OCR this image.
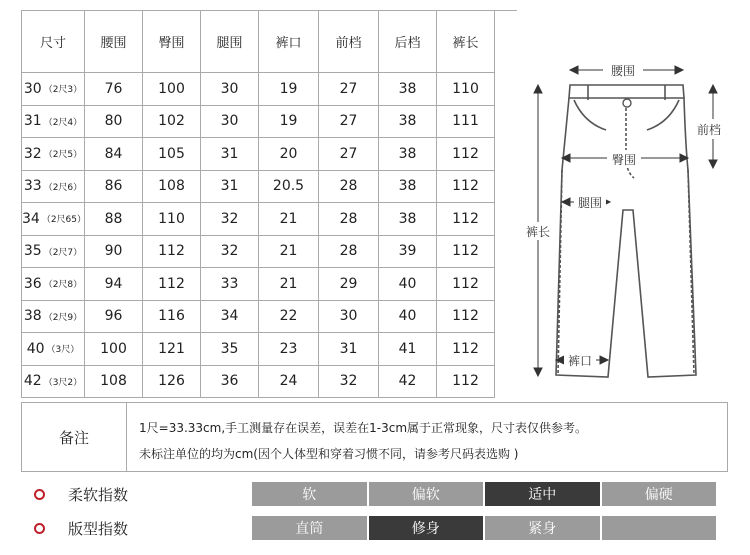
尺寸	腰围	臀围	腿围	裤口	前档	后档	裤长
30 （2尺3）	76	100	30	19	27	38	110
31 （2尺4）	80	102	30	19	27	38	111
32 （2尺5）	84	105	31	20	27	38	112
33 （2尺6）	86	108	31	20.5	28	38	112
34 （2尺65）	88	110	32	21	28	38	112
35 （2尺7）	90	112	32	21	28	39	112
36 （2尺8）	94	112	33	21	29	40	112
38 （2尺9）	96	116	34	22	30	40	112
40 （3尺）	100	121	35	23	31	41	112
42 （3尺2）	108	126	36	24	32	42	112
备注
1尺=33.33cm,手工测量存在误差，误差在1-3cm属于正常现象，尺寸表仅供参考。
未标注单位的均为cm(因个人体型和穿着习惯不同，请参考尺码表选购 )
柔软指数	软	偏软	适中	偏硬
版型指数	直筒	修身	紧身
腰围
前档
臀围
腿围
裤长
裤口
